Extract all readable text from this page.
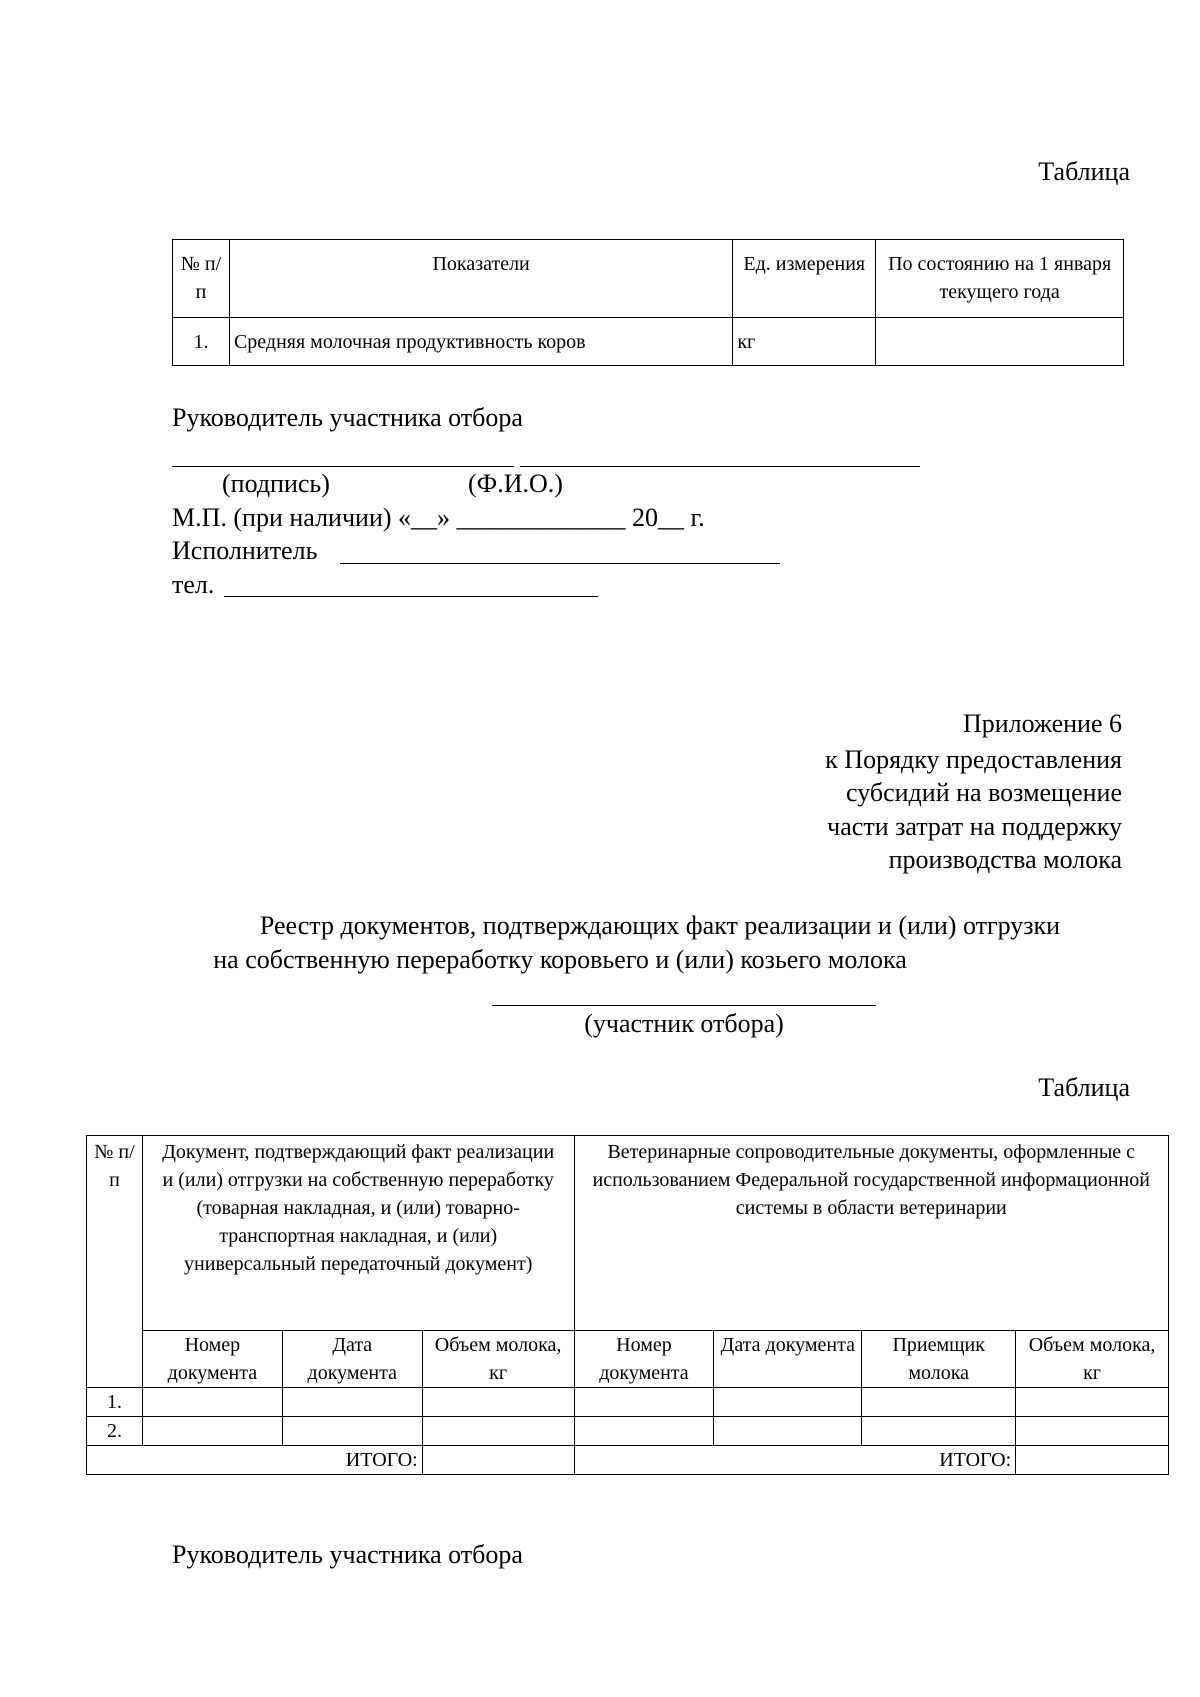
Таблица
№ п/п	Показатели	Ед. измерения	По состоянию на 1 января текущего года
1.	Средняя молочная продуктивность коров	кг	
Руководитель участника отбора
(подпись)	(Ф.И.О.)
М.П. (при наличии) «__» _____________ 20__ г.
Исполнитель
тел.
Приложение 6
к Порядку предоставления
субсидий на возмещение
части затрат на поддержку
производства молока
Реестр документов, подтверждающих факт реализации и (или) отгрузки
на собственную переработку коровьего и (или) козьего молока
(участник отбора)
Таблица
№ п/п	Документ, подтверждающий факт реализации и (или) отгрузки на собственную переработку (товарная накладная, и (или) товарно-транспортная накладная, и (или) универсальный передаточный документ)			Ветеринарные сопроводительные документы, оформленные с использованием Федеральной государственной информационной системы в области ветеринарии			
	Номер документа	Дата документа	Объем молока, кг	Номер документа	Дата документа	Приемщик молока	Объем молока, кг
1.							
2.							
ИТОГО:				ИТОГО:			
Руководитель участника отбора
